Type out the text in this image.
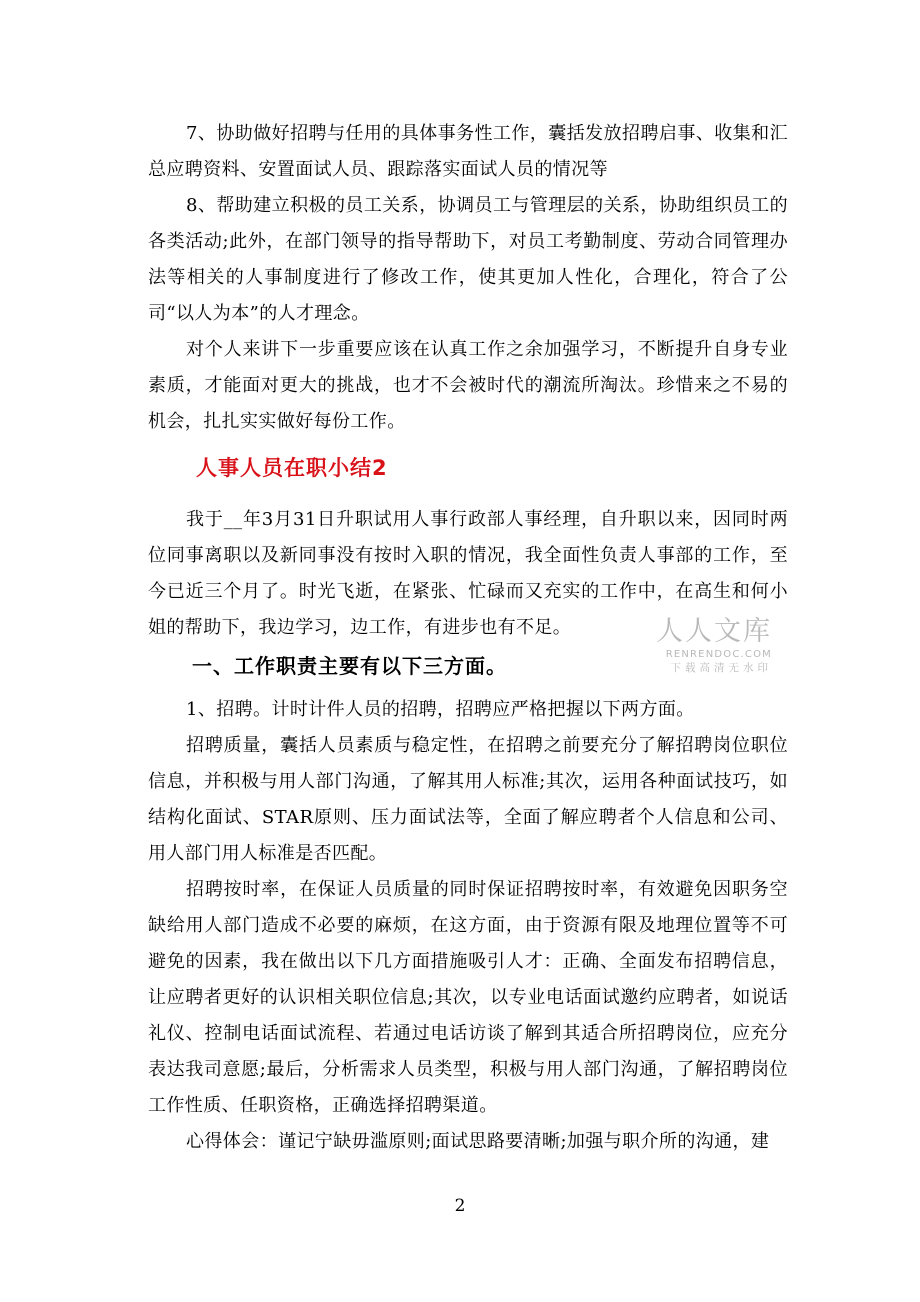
7、协助做好招聘与任用的具体事务性工作，囊括发放招聘启事、收集和汇总应聘资料、安置面试人员、跟踪落实面试人员的情况等

8、帮助建立积极的员工关系，协调员工与管理层的关系，协助组织员工的各类活动;此外，在部门领导的指导帮助下，对员工考勤制度、劳动合同管理办法等相关的人事制度进行了修改工作，使其更加人性化，合理化，符合了公司“以人为本”的人才理念。

对个人来讲下一步重要应该在认真工作之余加强学习，不断提升自身专业素质，才能面对更大的挑战，也才不会被时代的潮流所淘汰。珍惜来之不易的机会，扎扎实实做好每份工作。

人事人员在职小结2

我于__年3月31日升职试用人事行政部人事经理，自升职以来，因同时两位同事离职以及新同事没有按时入职的情况，我全面性负责人事部的工作，至今已近三个月了。时光飞逝，在紧张、忙碌而又充实的工作中，在高生和何小姐的帮助下，我边学习，边工作，有进步也有不足。	人人文库
RENRENDOC.COM
下载高清无水印
一、工作职责主要有以下三方面。

1、招聘。计时计件人员的招聘，招聘应严格把握以下两方面。

招聘质量，囊括人员素质与稳定性，在招聘之前要充分了解招聘岗位职位信息，并积极与用人部门沟通，了解其用人标准;其次，运用各种面试技巧，如结构化面试、STAR原则、压力面试法等，全面了解应聘者个人信息和公司、用人部门用人标准是否匹配。

招聘按时率，在保证人员质量的同时保证招聘按时率，有效避免因职务空缺给用人部门造成不必要的麻烦，在这方面，由于资源有限及地理位置等不可避免的因素，我在做出以下几方面措施吸引人才：正确、全面发布招聘信息，让应聘者更好的认识相关职位信息;其次，以专业电话面试邀约应聘者，如说话礼仪、控制电话面试流程、若通过电话访谈了解到其适合所招聘岗位，应充分表达我司意愿;最后，分析需求人员类型，积极与用人部门沟通，了解招聘岗位工作性质、任职资格，正确选择招聘渠道。

心得体会：谨记宁缺毋滥原则;面试思路要清晰;加强与职介所的沟通，建

2
